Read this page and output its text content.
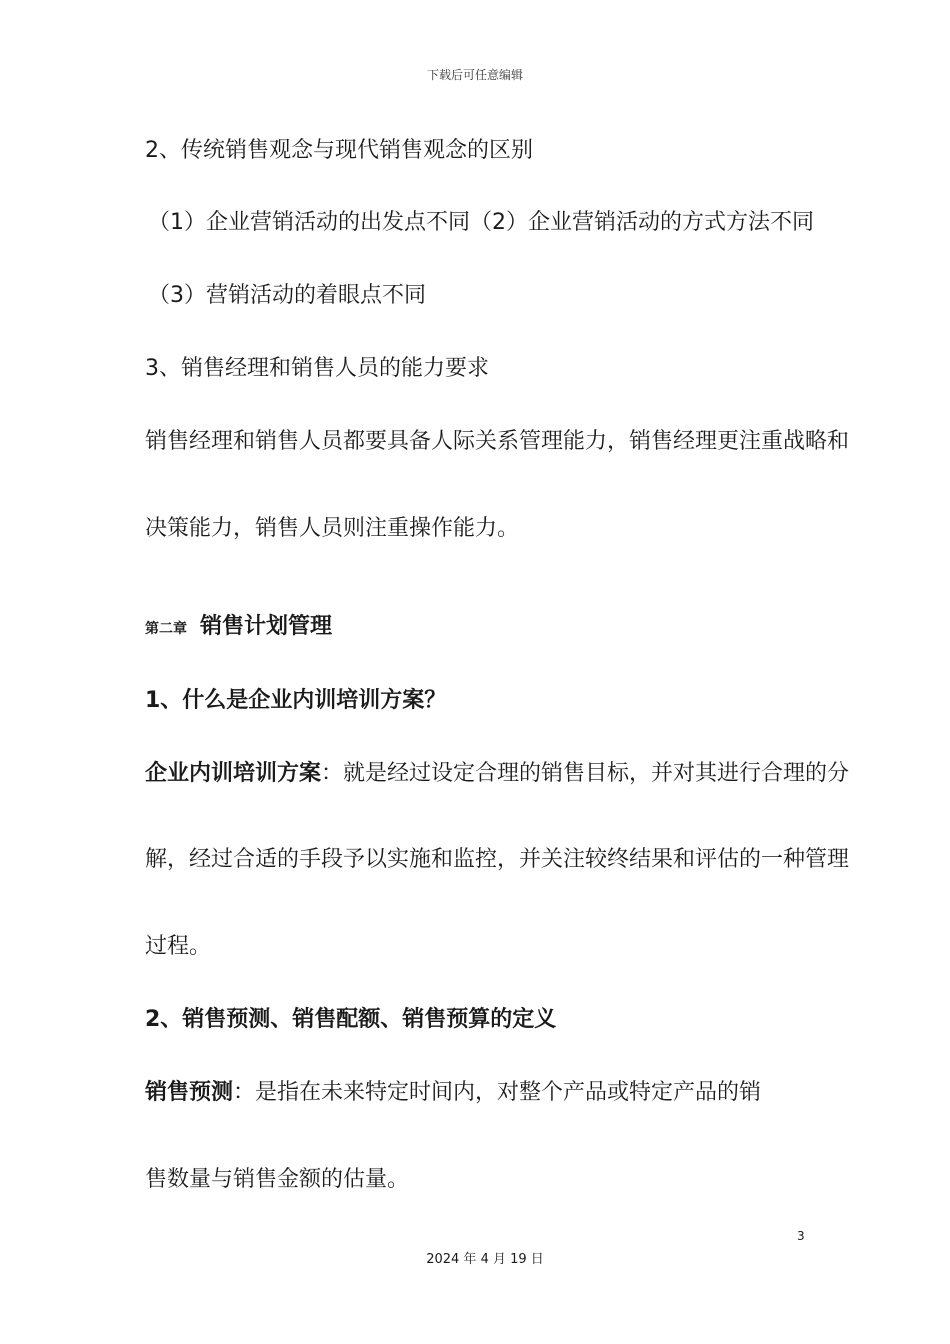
下载后可任意编辑
2、传统销售观念与现代销售观念的区别
（1）企业营销活动的出发点不同（2）企业营销活动的方式方法不同
（3）营销活动的着眼点不同
3、销售经理和销售人员的能力要求
销售经理和销售人员都要具备人际关系管理能力，销售经理更注重战略和
决策能力，销售人员则注重操作能力。
第二章 销售计划管理
1、什么是企业内训培训方案？
企业内训培训方案：就是经过设定合理的销售目标，并对其进行合理的分
解，经过合适的手段予以实施和监控，并关注较终结果和评估的一种管理
过程。
2、销售预测、销售配额、销售预算的定义
销售预测：是指在未来特定时间内，对整个产品或特定产品的销
售数量与销售金额的估量。
3
2024 年 4 月 19 日
